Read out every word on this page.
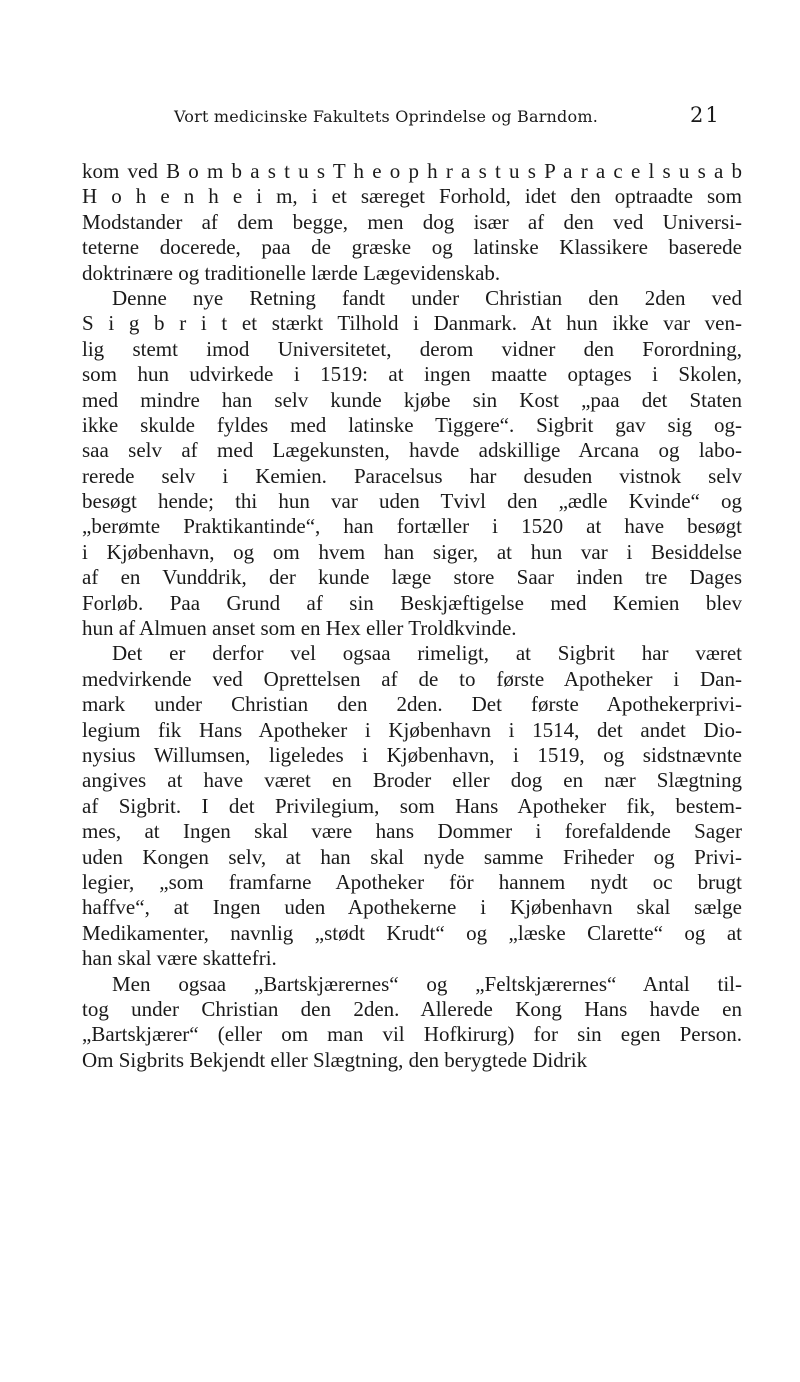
Vort medicinske Fakultets Oprindelse og Barndom.	21
kom ved B o m b a s t u s T h e o p h r a s t u s P a r a c e l s u s a b
H o h e n h e i m, i et særeget Forhold, idet den optraadte som
Modstander af dem begge, men dog især af den ved Universi-
teterne docerede, paa de græske og latinske Klassikere baserede
doktrinære og traditionelle lærde Lægevidenskab.
Denne nye Retning fandt under Christian den 2den ved
S i g b r i t et stærkt Tilhold i Danmark. At hun ikke var ven-
lig stemt imod Universitetet, derom vidner den Forordning,
som hun udvirkede i 1519: at ingen maatte optages i Skolen,
med mindre han selv kunde kjøbe sin Kost „paa det Staten
ikke skulde fyldes med latinske Tiggere“. Sigbrit gav sig og-
saa selv af med Lægekunsten, havde adskillige Arcana og labo-
rerede selv i Kemien. Paracelsus har desuden vistnok selv
besøgt hende; thi hun var uden Tvivl den „ædle Kvinde“ og
„berømte Praktikantinde“, han fortæller i 1520 at have besøgt
i Kjøbenhavn, og om hvem han siger, at hun var i Besiddelse
af en Vunddrik, der kunde læge store Saar inden tre Dages
Forløb. Paa Grund af sin Beskjæftigelse med Kemien blev
hun af Almuen anset som en Hex eller Troldkvinde.
Det er derfor vel ogsaa rimeligt, at Sigbrit har været
medvirkende ved Oprettelsen af de to første Apotheker i Dan-
mark under Christian den 2den. Det første Apothekerprivi-
legium fik Hans Apotheker i Kjøbenhavn i 1514, det andet Dio-
nysius Willumsen, ligeledes i Kjøbenhavn, i 1519, og sidstnævnte
angives at have været en Broder eller dog en nær Slægtning
af Sigbrit. I det Privilegium, som Hans Apotheker fik, bestem-
mes, at Ingen skal være hans Dommer i forefaldende Sager
uden Kongen selv, at han skal nyde samme Friheder og Privi-
legier, „som framfarne Apotheker för hannem nydt oc brugt
haffve“, at Ingen uden Apothekerne i Kjøbenhavn skal sælge
Medikamenter, navnlig „stødt Krudt“ og „læske Clarette“ og at
han skal være skattefri.
Men ogsaa „Bartskjærernes“ og „Feltskjærernes“ Antal til-
tog under Christian den 2den. Allerede Kong Hans havde en
„Bartskjærer“ (eller om man vil Hofkirurg) for sin egen Person.
Om Sigbrits Bekjendt eller Slægtning, den berygtede Didrik
